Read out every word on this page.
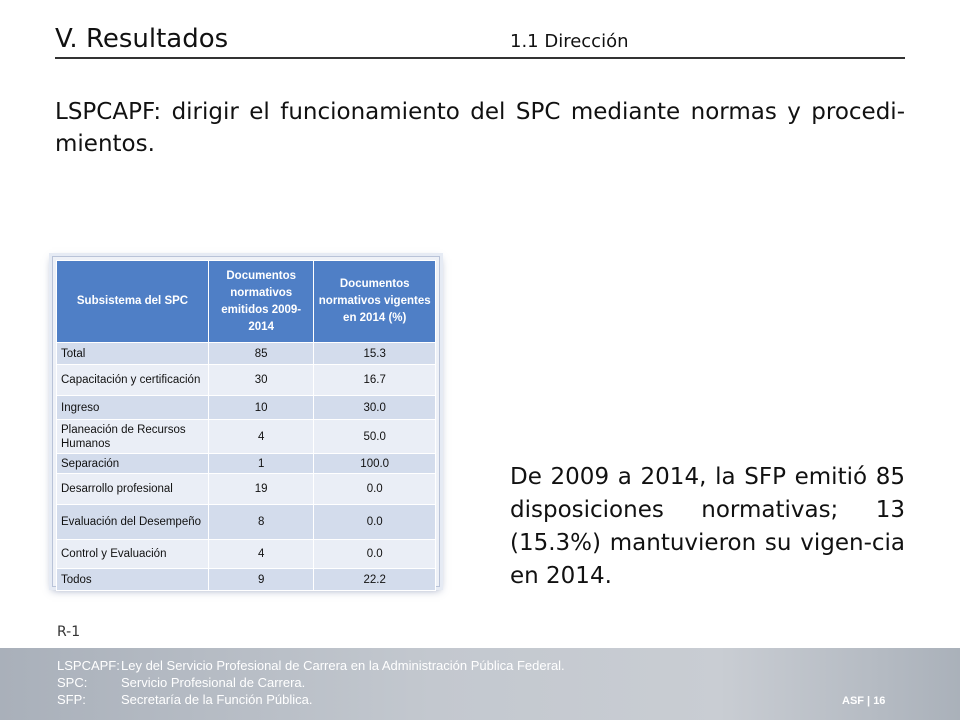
V. Resultados	1.1 Dirección
LSPCAPF: dirigir el funcionamiento del SPC mediante normas y procedi-mientos.
Subsistema del SPC	Documentos normativos emitidos 2009-2014	Documentos normativos vigentes en 2014 (%)
Total	85	15.3
Capacitación y certificación	30	16.7
Ingreso	10	30.0
Planeación de Recursos Humanos	4	50.0
Separación	1	100.0
Desarrollo profesional	19	0.0
Evaluación del Desempeño	8	0.0
Control y Evaluación	4	0.0
Todos	9	22.2
De 2009 a 2014, la SFP emitió 85 disposiciones normativas; 13 (15.3%) mantuvieron su vigen-cia en 2014.
R-1
LSPCAPF: Ley del Servicio Profesional de Carrera en la Administración Pública Federal.
SPC:	Servicio Profesional de Carrera.
SFP:	Secretaría de la Función Pública.	ASF | 16
